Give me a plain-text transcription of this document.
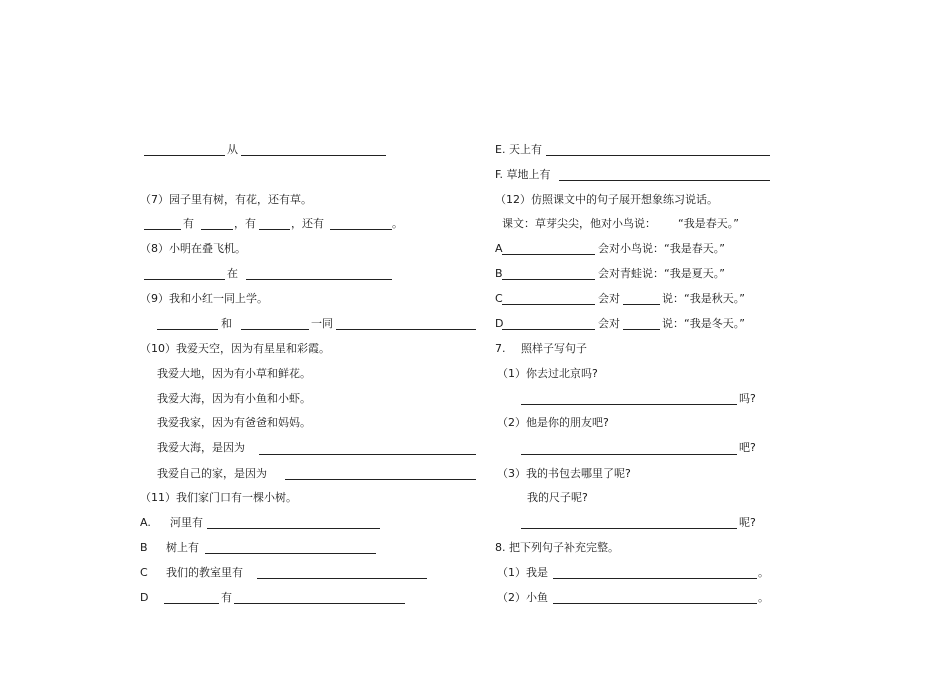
从
（7）园子里有树，有花，还有草。
有	，有	，还有	。
（8）小明在叠飞机。
在
（9）我和小红一同上学。
和	一同
（10）我爱天空，因为有星星和彩霞。
我爱大地，因为有小草和鲜花。
我爱大海，因为有小鱼和小虾。
我爱我家，因为有爸爸和妈妈。
我爱大海，是因为
我爱自己的家，是因为
（11）我们家门口有一棵小树。
A. 河里有
B 树上有
C 我们的教室里有
D	有
E. 天上有
F. 草地上有
（12）仿照课文中的句子展开想象练习说话。
课文：草芽尖尖，他对小鸟说： “我是春天。”
A	会对小鸟说：“我是春天。”
B	会对青蛙说：“我是夏天。”
C	会对	说：“我是秋天。”
D	会对	说：“我是冬天。”
7. 照样子写句子
（1）你去过北京吗?
吗?
（2）他是你的朋友吧?
吧?
（3）我的书包去哪里了呢?
我的尺子呢?
呢?
8. 把下列句子补充完整。
（1）我是	。
（2）小鱼	。
